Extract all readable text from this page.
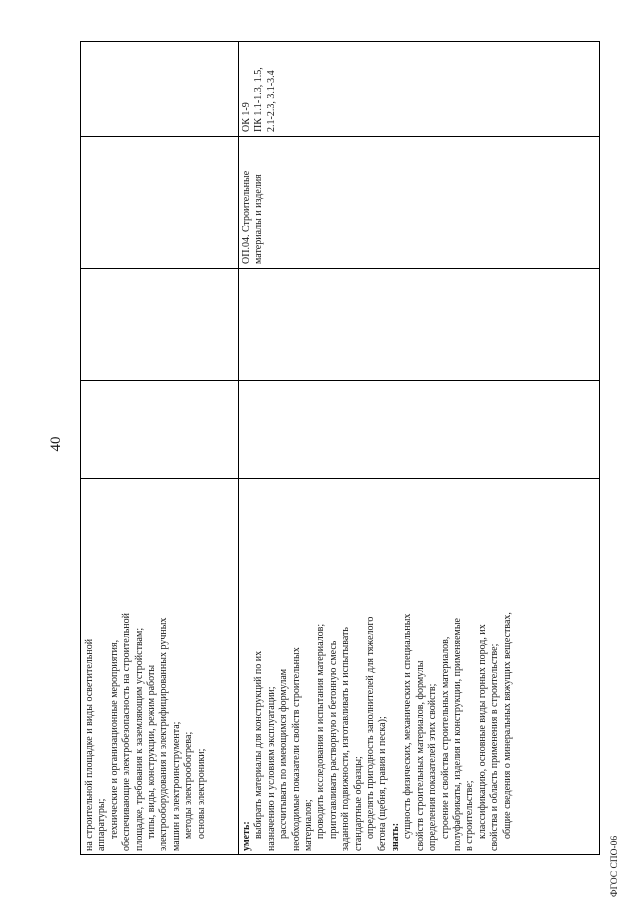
40

на строительной площадке и виды осветительной аппаратуры; технические и организационные мероприятия, обеспечивающие электробезопасность на строительной площадке, требования к заземляющим устройствам; типы, виды, конструкции, режим работы электрооборудования и электрифицированных ручных машин и электроинструмента; методы электрообогрева; основы электроники;	уметь: выбирать материалы для конструкций по их назначению и условиям эксплуатации; рассчитывать по имеющимся формулам необходимые показатели свойств строительных материалов; проводить исследования и испытания материалов; приготавливать растворную и бетонную смесь заданной подвижности, изготавливать и испытывать стандартные образцы; определять пригодность заполнителей для тяжелого бетона (щебня, гравия и песка); знать: сущность физических, механических и специальных свойств строительных материалов, формулы определения показателей этих свойств; строение и свойства строительных материалов, полуфабрикаты, изделия и конструкции, применяемые в строительстве; классификацию, основные виды горных пород, их свойства и область применения в строительстве; общие сведения о минеральных вяжущих веществах,

ОП.04. Строительные материалы и изделия

ОК 1-9 ПК 1.1-1.3, 1.5, 2.1-2.3, 3.1-3.4

ФГОС СПО-06
